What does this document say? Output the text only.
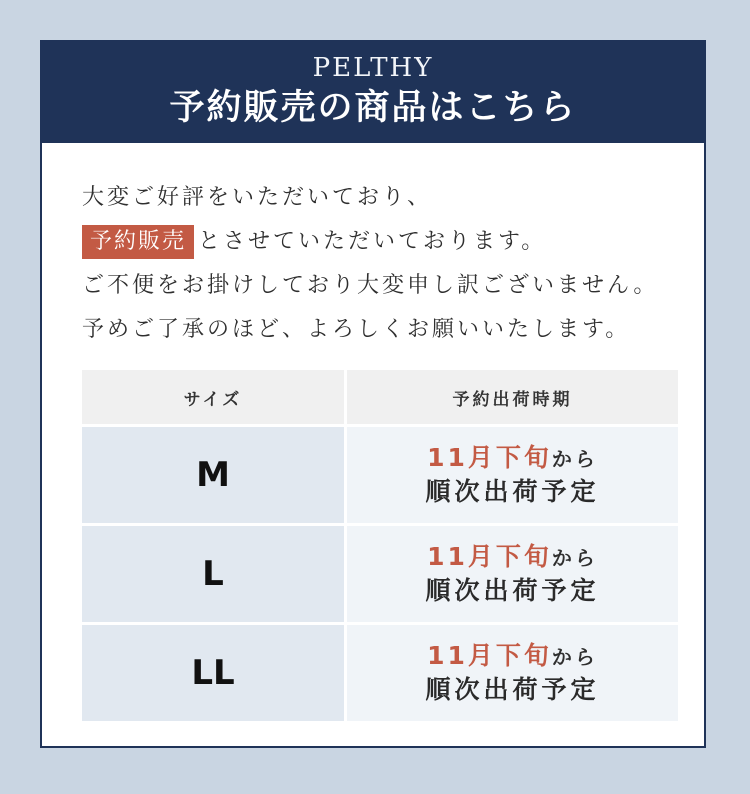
PELTHY
予約販売の商品はこちら
大変ご好評をいただいており、
予約販売 とさせていただいております。
ご不便をお掛けしており大変申し訳ございません。
予めご了承のほど、よろしくお願いいたします。
サイズ	予約出荷時期
M	11月下旬から
順次出荷予定

L	11月下旬から
順次出荷予定

LL	11月下旬から
順次出荷予定
